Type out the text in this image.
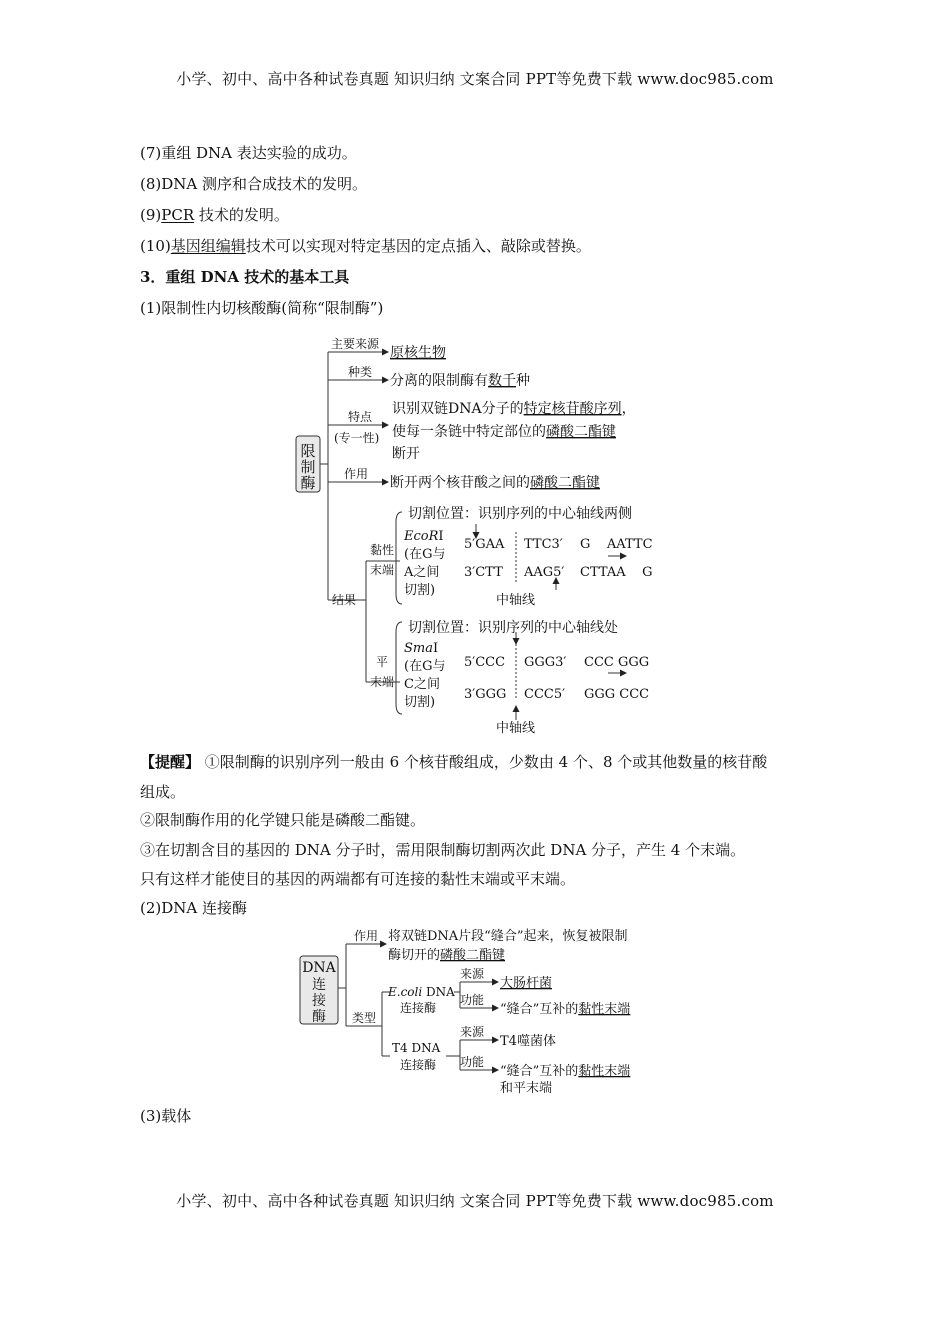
小学、初中、高中各种试卷真题 知识归纳 文案合同 PPT等免费下载 www.doc985.com
(7)重组 DNA 表达实验的成功。
(8)DNA 测序和合成技术的发明。
(9)PCR 技术的发明。
(10)基因组编辑技术可以实现对特定基因的定点插入、敲除或替换。
3．重组 DNA 技术的基本工具
(1)限制性内切核酸酶(简称“限制酶”)
限
制
酶
主要来源
原核生物
种类
分离的限制酶有数千种
特点
(专一性)
识别双链DNA分子的特定核苷酸序列，
使每一条链中特定部位的磷酸二酯键
断开
作用
断开两个核苷酸之间的磷酸二酯键
结果
黏性
末端
切割位置：识别序列的中心轴线两侧
EcoRⅠ
(在G与
A之间
切割)
5′GAA TTC3′ G    AATTC
3′CTT AAG5′ CTTAA    G
中轴线
平
末端
切割位置：识别序列的中心轴线处
SmaⅠ
(在G与
C之间
切割)
5′CCC GGG3′ CCC GGG
3′GGG CCC5′ GGG CCC
中轴线
【提醒】 ①限制酶的识别序列一般由 6 个核苷酸组成，少数由 4 个、8 个或其他数量的核苷酸
组成。
②限制酶作用的化学键只能是磷酸二酯键。
③在切割含目的基因的 DNA 分子时，需用限制酶切割两次此 DNA 分子，产生 4 个末端。
只有这样才能使目的基因的两端都有可连接的黏性末端或平末端。
(2)DNA 连接酶
DNA
连
接
酶
作用 将双链DNA片段“缝合”起来，恢复被限制
酶切开的磷酸二酯键
类型
E.coli DNA
连接酶
来源
大肠杆菌
功能
“缝合”互补的黏性末端
T4 DNA
连接酶
来源
T4噬菌体
功能
“缝合”互补的黏性末端
和平末端
(3)载体
小学、初中、高中各种试卷真题 知识归纳 文案合同 PPT等免费下载 www.doc985.com
